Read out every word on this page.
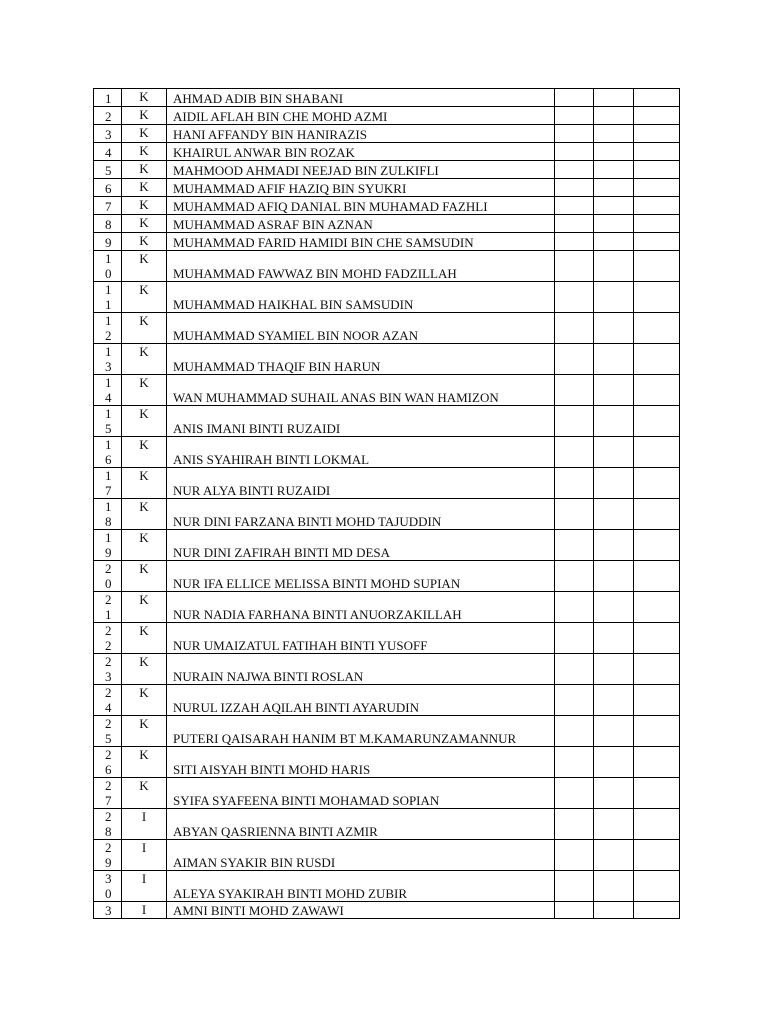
1	K	AHMAD ADIB BIN SHABANI			

2	K	AIDIL AFLAH BIN CHE MOHD AZMI			

3	K	HANI AFFANDY BIN HANIRAZIS			

4	K	KHAIRUL ANWAR BIN ROZAK			

5	K	MAHMOOD AHMADI NEEJAD BIN ZULKIFLI			

6	K	MUHAMMAD AFIF HAZIQ BIN SYUKRI			

7	K	MUHAMMAD AFIQ DANIAL BIN MUHAMAD FAZHLI			

8	K	MUHAMMAD ASRAF BIN AZNAN			

9	K	MUHAMMAD FARID HAMIDI BIN CHE SAMSUDIN			

10	K	MUHAMMAD FAWWAZ BIN MOHD FADZILLAH			

11	K	MUHAMMAD HAIKHAL BIN SAMSUDIN			

12	K	MUHAMMAD SYAMIEL BIN NOOR AZAN			

13	K	MUHAMMAD THAQIF BIN HARUN			

14	K	WAN MUHAMMAD SUHAIL ANAS BIN WAN HAMIZON			

15	K	ANIS IMANI BINTI RUZAIDI			

16	K	ANIS SYAHIRAH BINTI LOKMAL			

17	K	NUR ALYA BINTI RUZAIDI			

18	K	NUR DINI FARZANA BINTI MOHD TAJUDDIN			

19	K	NUR DINI ZAFIRAH BINTI MD DESA			

20	K	NUR IFA ELLICE MELISSA BINTI MOHD SUPIAN			

21	K	NUR NADIA FARHANA BINTI ANUORZAKILLAH			

22	K	NUR UMAIZATUL FATIHAH BINTI YUSOFF			

23	K	NURAIN NAJWA BINTI ROSLAN			

24	K	NURUL IZZAH AQILAH BINTI AYARUDIN			

25	K	PUTERI QAISARAH HANIM BT M.KAMARUNZAMANNUR			

26	K	SITI AISYAH BINTI MOHD HARIS			

27	K	SYIFA SYAFEENA BINTI MOHAMAD SOPIAN			

28	I	ABYAN QASRIENNA BINTI AZMIR			

29	I	AIMAN SYAKIR BIN RUSDI			

30	I	ALEYA SYAKIRAH BINTI MOHD ZUBIR			

3	I	AMNI BINTI MOHD ZAWAWI			
